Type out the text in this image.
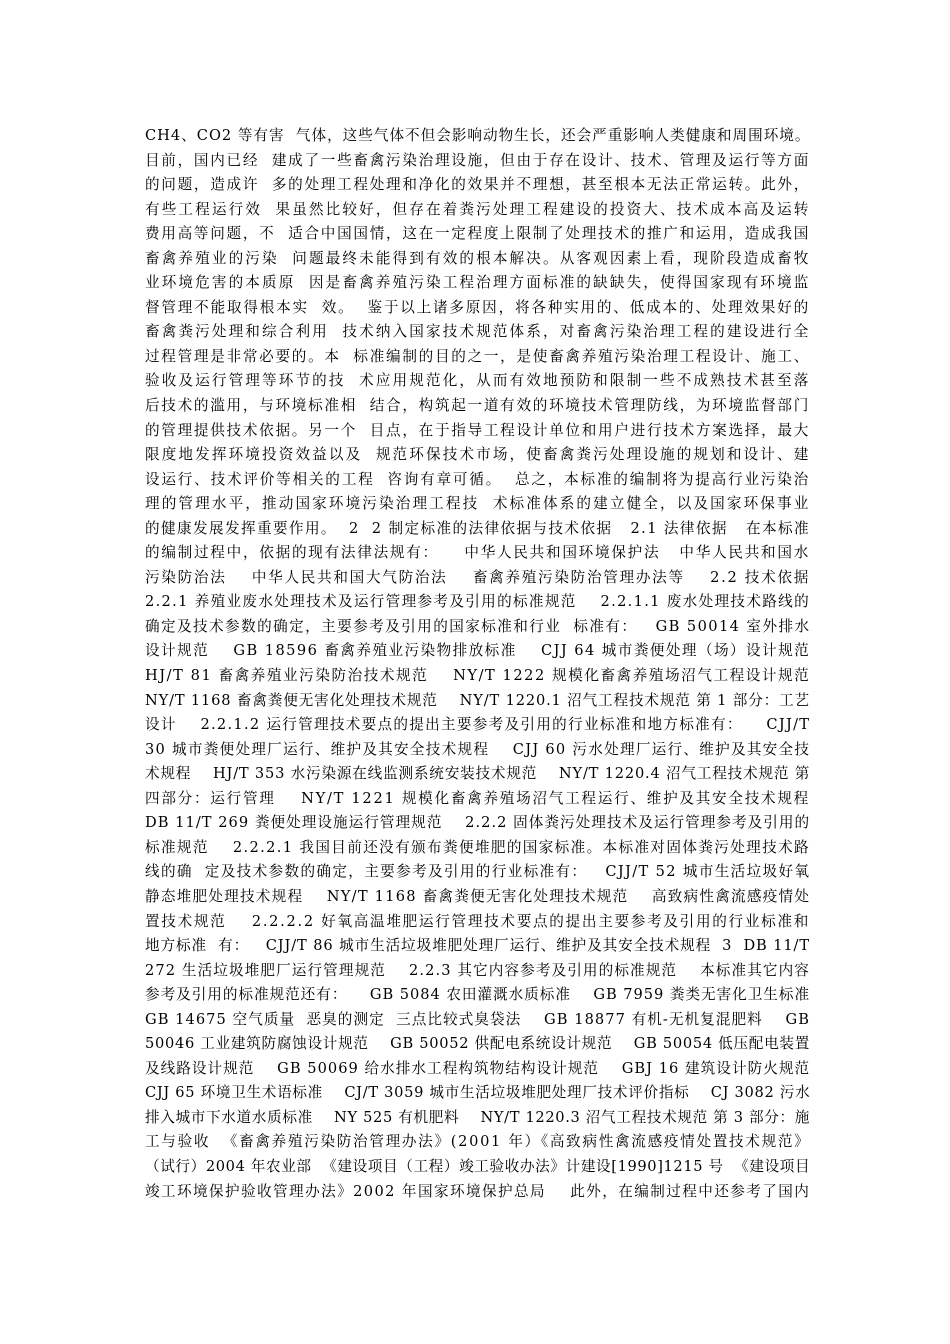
CH4、CO2 等有害  气体，这些气体不但会影响动物生长，还会严重影响人类健康和周围环境。
目前，国内已经  建成了一些畜禽污染治理设施，但由于存在设计、技术、管理及运行等方面
的问题，造成许  多的处理工程处理和净化的效果并不理想，甚至根本无法正常运转。此外，
有些工程运行效  果虽然比较好，但存在着粪污处理工程建设的投资大、技术成本高及运转
费用高等问题，不  适合中国国情，这在一定程度上限制了处理技术的推广和运用，造成我国
畜禽养殖业的污染  问题最终未能得到有效的根本解决。从客观因素上看，现阶段造成畜牧
业环境危害的本质原  因是畜禽养殖污染工程治理方面标准的缺缺失，使得国家现有环境监
督管理不能取得根本实  效。  鉴于以上诸多原因，将各种实用的、低成本的、处理效果好的
畜禽粪污处理和综合利用  技术纳入国家技术规范体系，对畜禽污染治理工程的建设进行全
过程管理是非常必要的。本  标准编制的目的之一，是使畜禽养殖污染治理工程设计、施工、
验收及运行管理等环节的技  术应用规范化，从而有效地预防和限制一些不成熟技术甚至落
后技术的滥用，与环境标准相  结合，构筑起一道有效的环境技术管理防线，为环境监督部门
的管理提供技术依据。另一个  目点，在于指导工程设计单位和用户进行技术方案选择，最大
限度地发挥环境投资效益以及  规范环保技术市场，使畜禽粪污处理设施的规划和设计、建
设运行、技术评价等相关的工程  咨询有章可循。  总之，本标准的编制将为提高行业污染治
理的管理水平，推动国家环境污染治理工程技  术标准体系的建立健全，以及国家环保事业
的健康发展发挥重要作用。  2  2 制定标准的法律依据与技术依据   2.1 法律依据   在本标准
的编制过程中，依据的现有法律法规有：    中华人民共和国环境保护法   中华人民共和国水
污染防治法    中华人民共和国大气防治法    畜禽养殖污染防治管理办法等    2.2 技术依据
2.2.1 养殖业废水处理技术及运行管理参考及引用的标准规范    2.2.1.1 废水处理技术路线的
确定及技术参数的确定，主要参考及引用的国家标准和行业  标准有：   GB 50014 室外排水
设计规范    GB 18596 畜禽养殖业污染物排放标准    CJJ 64 城市粪便处理（场）设计规范
HJ/T 81 畜禽养殖业污染防治技术规范    NY/T 1222 规模化畜禽养殖场沼气工程设计规范
NY/T 1168 畜禽粪便无害化处理技术规范    NY/T 1220.1 沼气工程技术规范 第 1 部分：工艺
设计    2.2.1.2 运行管理技术要点的提出主要参考及引用的行业标准和地方标准有：    CJJ/T
30 城市粪便处理厂运行、维护及其安全技术规程    CJJ 60 污水处理厂运行、维护及其安全技
术规程    HJ/T 353 水污染源在线监测系统安装技术规范    NY/T 1220.4 沼气工程技术规范 第
四部分：运行管理    NY/T 1221 规模化畜禽养殖场沼气工程运行、维护及其安全技术规程
DB 11/T 269 粪便处理设施运行管理规范    2.2.2 固体粪污处理技术及运行管理参考及引用的
标准规范    2.2.2.1 我国目前还没有颁布粪便堆肥的国家标准。本标准对固体粪污处理技术路
线的确  定及技术参数的确定，主要参考及引用的行业标准有：   CJJ/T 52 城市生活垃圾好氧
静态堆肥处理技术规程    NY/T 1168 畜禽粪便无害化处理技术规范    高致病性禽流感疫情处
置技术规范    2.2.2.2 好氧高温堆肥运行管理技术要点的提出主要参考及引用的行业标准和
地方标准  有：   CJJ/T 86 城市生活垃圾堆肥处理厂运行、维护及其安全技术规程  3  DB 11/T
272 生活垃圾堆肥厂运行管理规范    2.2.3 其它内容参考及引用的标准规范    本标准其它内容
参考及引用的标准规范还有：    GB 5084 农田灌溉水质标准    GB 7959 粪类无害化卫生标准
GB 14675 空气质量  恶臭的测定  三点比较式臭袋法    GB 18877 有机-无机复混肥料    GB
50046 工业建筑防腐蚀设计规范    GB 50052 供配电系统设计规范    GB 50054 低压配电装置
及线路设计规范    GB 50069 给水排水工程构筑物结构设计规范    GBJ 16 建筑设计防火规范
CJJ 65 环境卫生术语标准    CJ/T 3059 城市生活垃圾堆肥处理厂技术评价指标    CJ 3082 污水
排入城市下水道水质标准    NY 525 有机肥料    NY/T 1220.3 沼气工程技术规范 第 3 部分：施
工与验收  《畜禽养殖污染防治管理办法》(2001 年）《高致病性禽流感疫情处置技术规范》
（试行）2004 年农业部  《建设项目（工程）竣工验收办法》计建设[1990]1215 号  《建设项目
竣工环境保护验收管理办法》2002 年国家环境保护总局    此外，在编制过程中还参考了国内
